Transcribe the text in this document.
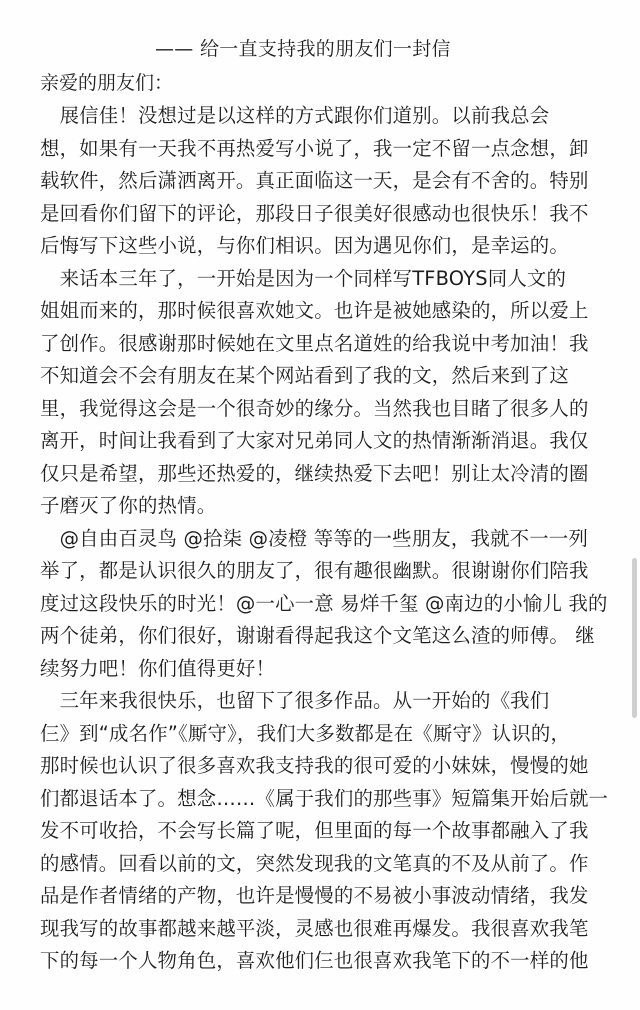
—— 给一直支持我的朋友们一封信
亲爱的朋友们：
　展信佳！没想过是以这样的方式跟你们道别。以前我总会
想，如果有一天我不再热爱写小说了，我一定不留一点念想，卸
载软件，然后潇洒离开。真正面临这一天，是会有不舍的。特别
是回看你们留下的评论，那段日子很美好很感动也很快乐！我不
后悔写下这些小说，与你们相识。因为遇见你们，是幸运的。
　来话本三年了，一开始是因为一个同样写TFBOYS同人文的
姐姐而来的，那时候很喜欢她文。也许是被她感染的，所以爱上
了创作。很感谢那时候她在文里点名道姓的给我说中考加油！我
不知道会不会有朋友在某个网站看到了我的文，然后来到了这
里，我觉得这会是一个很奇妙的缘分。当然我也目睹了很多人的
离开，时间让我看到了大家对兄弟同人文的热情渐渐消退。我仅
仅只是希望，那些还热爱的，继续热爱下去吧！别让太冷清的圈
子磨灭了你的热情。
　@自由百灵鸟 @拾柒 @凌橙 等等的一些朋友，我就不一一列
举了，都是认识很久的朋友了，很有趣很幽默。很谢谢你们陪我
度过这段快乐的时光！@一心一意 易烊千玺 @南边的小愉儿 我的
两个徒弟，你们很好，谢谢看得起我这个文笔这么渣的师傅。 继
续努力吧！你们值得更好！
　三年来我很快乐，也留下了很多作品。从一开始的《我们
仨》到“成名作”《厮守》，我们大多数都是在《厮守》认识的，
那时候也认识了很多喜欢我支持我的很可爱的小妹妹，慢慢的她
们都退话本了。想念……《属于我们的那些事》短篇集开始后就一
发不可收拾，不会写长篇了呢，但里面的每一个故事都融入了我
的感情。回看以前的文，突然发现我的文笔真的不及从前了。作
品是作者情绪的产物，也许是慢慢的不易被小事波动情绪，我发
现我写的故事都越来越平淡，灵感也很难再爆发。我很喜欢我笔
下的每一个人物角色，喜欢他们仨也很喜欢我笔下的不一样的他
